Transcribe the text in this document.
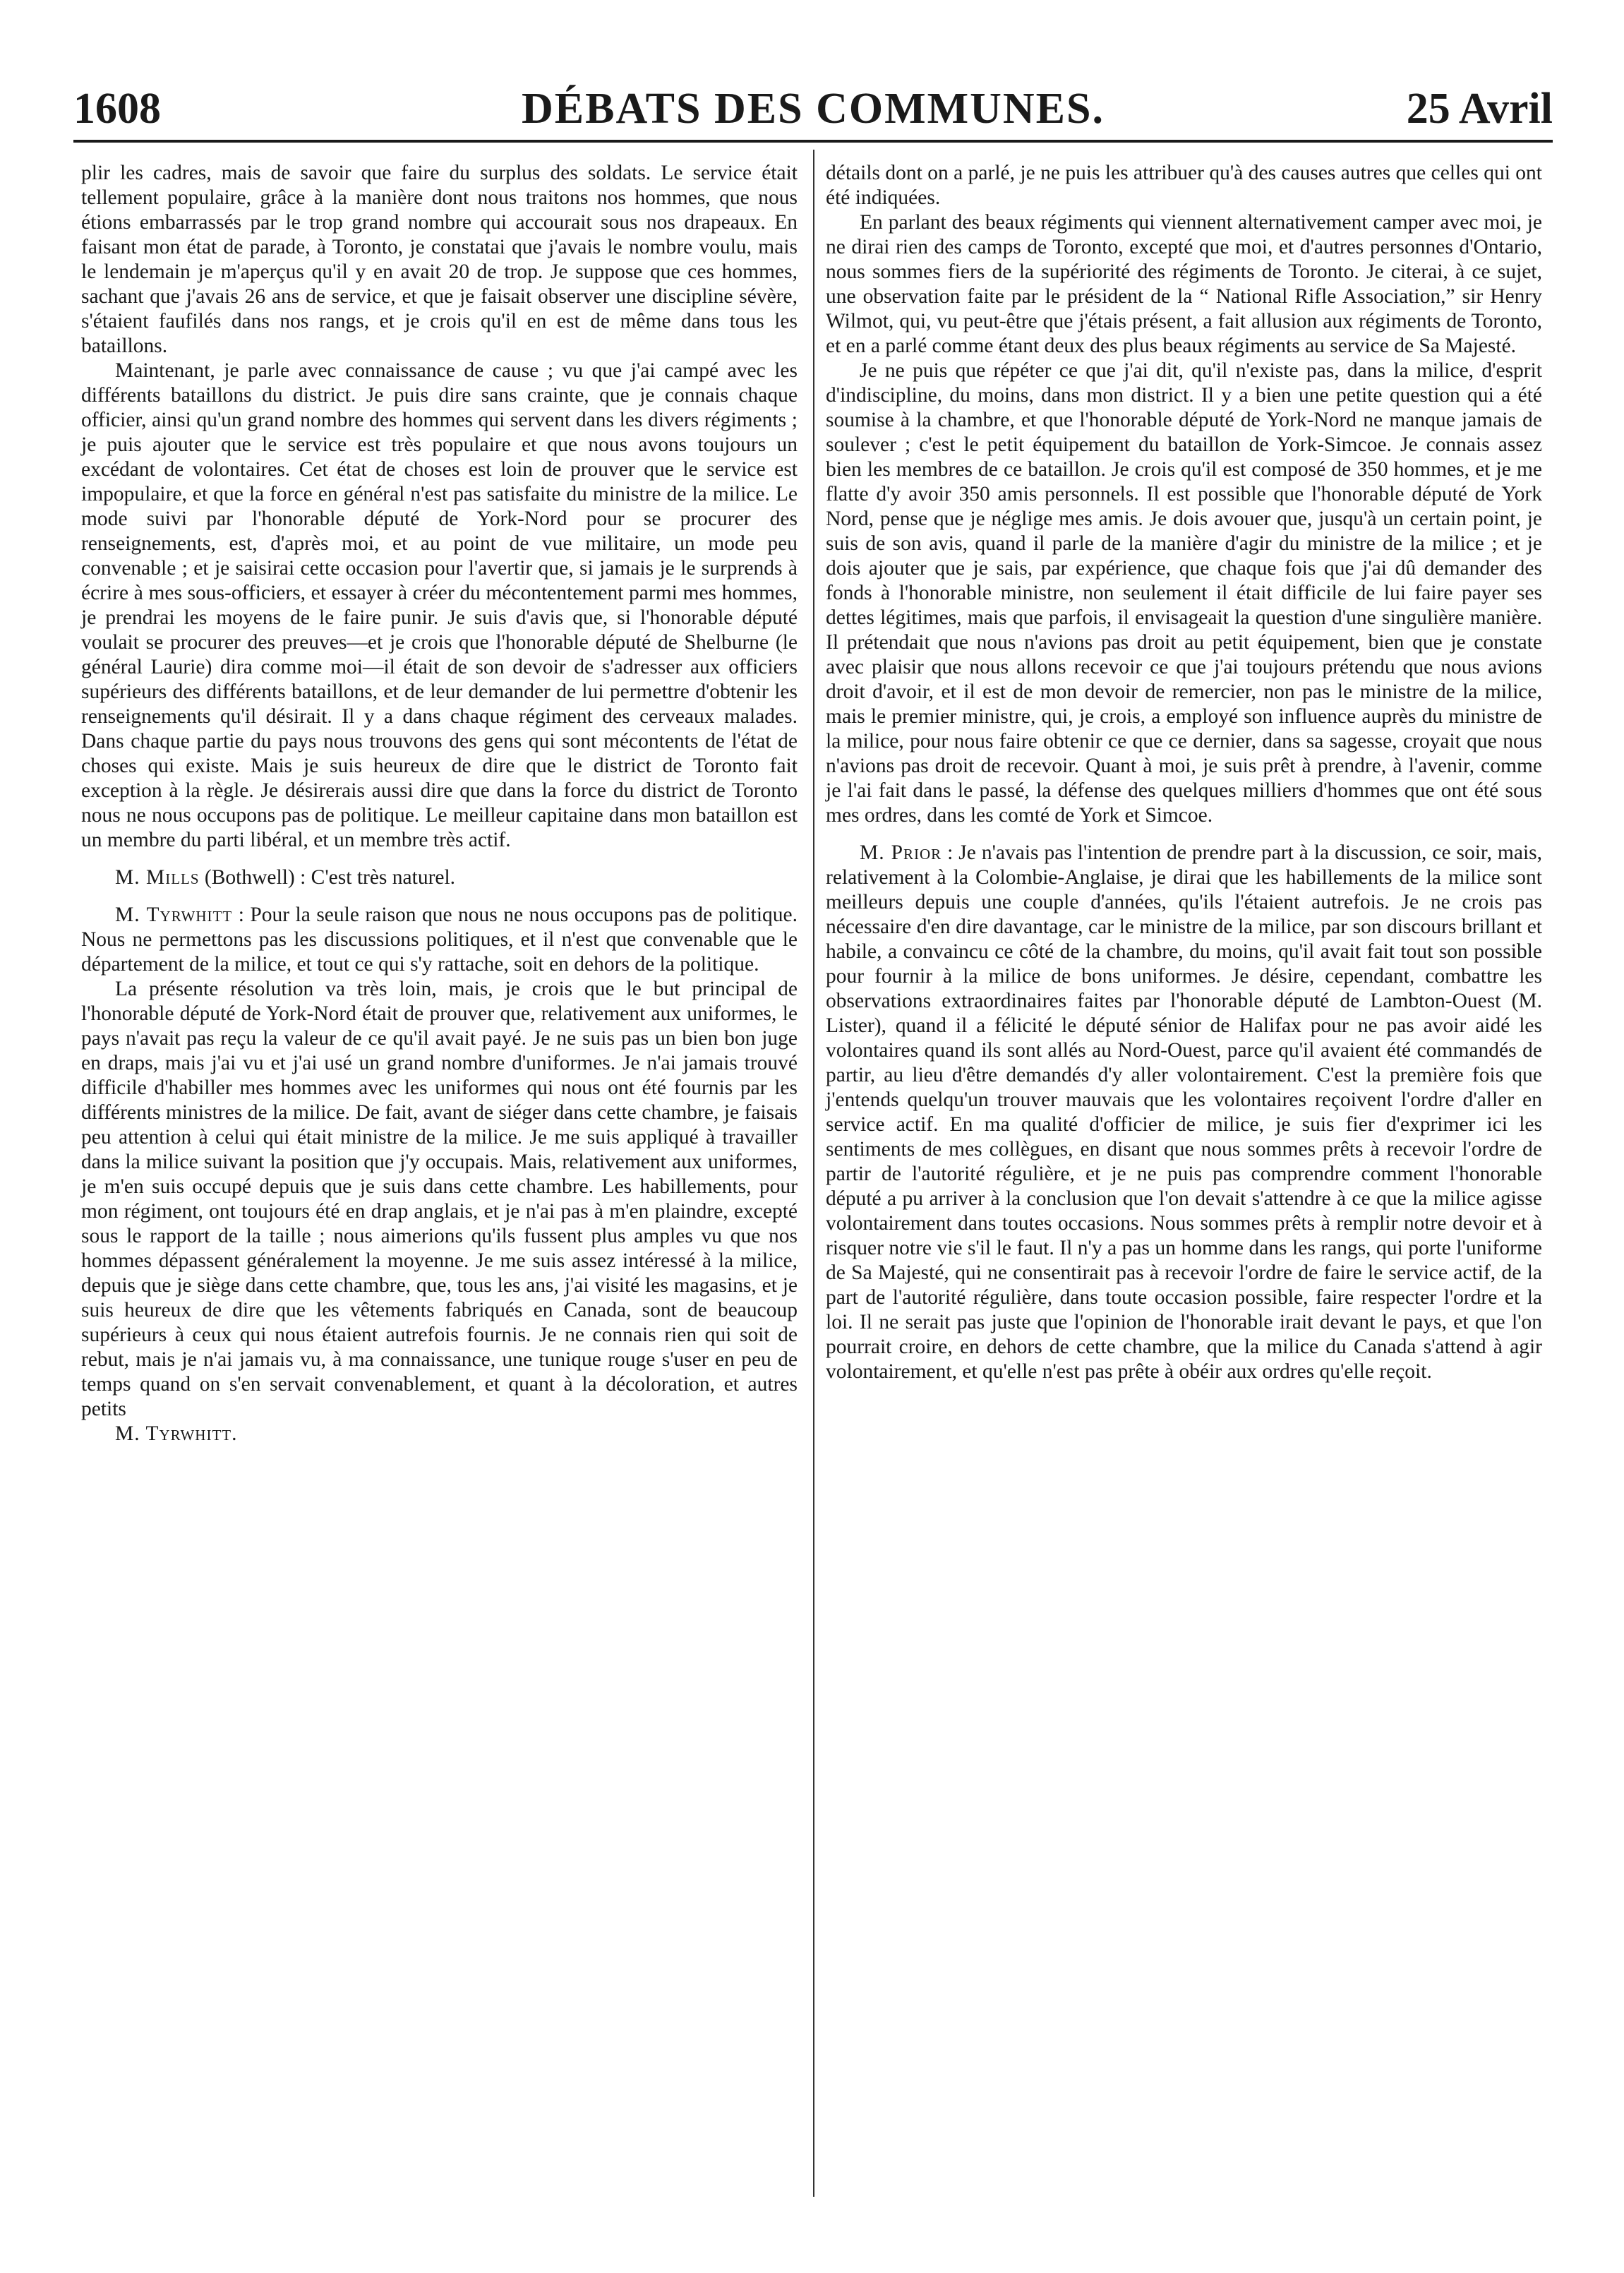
1608	DÉBATS DES COMMUNES.	25 Avril

plir les cadres, mais de savoir que faire du surplus des soldats. Le service était tellement populaire, grâce à la manière dont nous traitons nos hommes, que nous étions embarrassés par le trop grand nombre qui accourait sous nos drapeaux. En faisant mon état de parade, à Toronto, je constatai que j'avais le nombre voulu, mais le lendemain je m'aperçus qu'il y en avait 20 de trop. Je suppose que ces hommes, sachant que j'avais 26 ans de service, et que je faisait observer une discipline sévère, s'étaient faufilés dans nos rangs, et je crois qu'il en est de même dans tous les bataillons.

Maintenant, je parle avec connaissance de cause ; vu que j'ai campé avec les différents bataillons du district. Je puis dire sans crainte, que je connais chaque officier, ainsi qu'un grand nombre des hommes qui servent dans les divers régiments ; je puis ajouter que le service est très populaire et que nous avons toujours un excédant de volontaires. Cet état de choses est loin de prouver que le service est impopulaire, et que la force en général n'est pas satisfaite du ministre de la milice. Le mode suivi par l'honorable député de York-Nord pour se procurer des renseignements, est, d'après moi, et au point de vue militaire, un mode peu convenable ; et je saisirai cette occasion pour l'avertir que, si jamais je le surprends à écrire à mes sous-officiers, et essayer à créer du mécontentement parmi mes hommes, je prendrai les moyens de le faire punir. Je suis d'avis que, si l'honorable député voulait se procurer des preuves—et je crois que l'honorable député de Shelburne (le général Laurie) dira comme moi—il était de son devoir de s'adresser aux officiers supérieurs des différents bataillons, et de leur demander de lui permettre d'obtenir les renseignements qu'il désirait. Il y a dans chaque régiment des cerveaux malades. Dans chaque partie du pays nous trouvons des gens qui sont mécontents de l'état de choses qui existe. Mais je suis heureux de dire que le district de Toronto fait exception à la règle. Je désirerais aussi dire que dans la force du district de Toronto nous ne nous occupons pas de politique. Le meilleur capitaine dans mon bataillon est un membre du parti libéral, et un membre très actif.

M. Mills (Bothwell) : C'est très naturel.

M. Tyrwhitt : Pour la seule raison que nous ne nous occupons pas de politique. Nous ne permettons pas les discussions politiques, et il n'est que convenable que le département de la milice, et tout ce qui s'y rattache, soit en dehors de la politique.

La présente résolution va très loin, mais, je crois que le but principal de l'honorable député de York-Nord était de prouver que, relativement aux uniformes, le pays n'avait pas reçu la valeur de ce qu'il avait payé. Je ne suis pas un bien bon juge en draps, mais j'ai vu et j'ai usé un grand nombre d'uniformes. Je n'ai jamais trouvé difficile d'habiller mes hommes avec les uniformes qui nous ont été fournis par les différents ministres de la milice. De fait, avant de siéger dans cette chambre, je faisais peu attention à celui qui était ministre de la milice. Je me suis appliqué à travailler dans la milice suivant la position que j'y occupais. Mais, relativement aux uniformes, je m'en suis occupé depuis que je suis dans cette chambre. Les habillements, pour mon régiment, ont toujours été en drap anglais, et je n'ai pas à m'en plaindre, excepté sous le rapport de la taille ; nous aimerions qu'ils fussent plus amples vu que nos hommes dépassent généralement la moyenne. Je me suis assez intéressé à la milice, depuis que je siège dans cette chambre, que, tous les ans, j'ai visité les magasins, et je suis heureux de dire que les vêtements fabriqués en Canada, sont de beaucoup supérieurs à ceux qui nous étaient autrefois fournis. Je ne connais rien qui soit de rebut, mais je n'ai jamais vu, à ma connaissance, une tunique rouge s'user en peu de temps quand on s'en servait convenablement, et quant à la décoloration, et autres petits

M. Tyrwhitt.

détails dont on a parlé, je ne puis les attribuer qu'à des causes autres que celles qui ont été indiquées.

En parlant des beaux régiments qui viennent alternativement camper avec moi, je ne dirai rien des camps de Toronto, excepté que moi, et d'autres personnes d'Ontario, nous sommes fiers de la supériorité des régiments de Toronto. Je citerai, à ce sujet, une observation faite par le président de la “ National Rifle Association,” sir Henry Wilmot, qui, vu peut-être que j'étais présent, a fait allusion aux régiments de Toronto, et en a parlé comme étant deux des plus beaux régiments au service de Sa Majesté.

Je ne puis que répéter ce que j'ai dit, qu'il n'existe pas, dans la milice, d'esprit d'indiscipline, du moins, dans mon district. Il y a bien une petite question qui a été soumise à la chambre, et que l'honorable député de York-Nord ne manque jamais de soulever ; c'est le petit équipement du bataillon de York-Simcoe. Je connais assez bien les membres de ce bataillon. Je crois qu'il est composé de 350 hommes, et je me flatte d'y avoir 350 amis personnels. Il est possible que l'honorable député de York Nord, pense que je néglige mes amis. Je dois avouer que, jusqu'à un certain point, je suis de son avis, quand il parle de la manière d'agir du ministre de la milice ; et je dois ajouter que je sais, par expérience, que chaque fois que j'ai dû demander des fonds à l'honorable ministre, non seulement il était difficile de lui faire payer ses dettes légitimes, mais que parfois, il envisageait la question d'une singulière manière. Il prétendait que nous n'avions pas droit au petit équipement, bien que je constate avec plaisir que nous allons recevoir ce que j'ai toujours prétendu que nous avions droit d'avoir, et il est de mon devoir de remercier, non pas le ministre de la milice, mais le premier ministre, qui, je crois, a employé son influence auprès du ministre de la milice, pour nous faire obtenir ce que ce dernier, dans sa sagesse, croyait que nous n'avions pas droit de recevoir. Quant à moi, je suis prêt à prendre, à l'avenir, comme je l'ai fait dans le passé, la défense des quelques milliers d'hommes que ont été sous mes ordres, dans les comté de York et Simcoe.

M. Prior : Je n'avais pas l'intention de prendre part à la discussion, ce soir, mais, relativement à la Colombie-Anglaise, je dirai que les habillements de la milice sont meilleurs depuis une couple d'années, qu'ils l'étaient autrefois. Je ne crois pas nécessaire d'en dire davantage, car le ministre de la milice, par son discours brillant et habile, a convaincu ce côté de la chambre, du moins, qu'il avait fait tout son possible pour fournir à la milice de bons uniformes. Je désire, cependant, combattre les observations extraordinaires faites par l'honorable député de Lambton-Ouest (M. Lister), quand il a félicité le député sénior de Halifax pour ne pas avoir aidé les volontaires quand ils sont allés au Nord-Ouest, parce qu'il avaient été commandés de partir, au lieu d'être demandés d'y aller volontairement. C'est la première fois que j'entends quelqu'un trouver mauvais que les volontaires reçoivent l'ordre d'aller en service actif. En ma qualité d'officier de milice, je suis fier d'exprimer ici les sentiments de mes collègues, en disant que nous sommes prêts à recevoir l'ordre de partir de l'autorité régulière, et je ne puis pas comprendre comment l'honorable député a pu arriver à la conclusion que l'on devait s'attendre à ce que la milice agisse volontairement dans toutes occasions. Nous sommes prêts à remplir notre devoir et à risquer notre vie s'il le faut. Il n'y a pas un homme dans les rangs, qui porte l'uniforme de Sa Majesté, qui ne consentirait pas à recevoir l'ordre de faire le service actif, de la part de l'autorité régulière, dans toute occasion possible, faire respecter l'ordre et la loi. Il ne serait pas juste que l'opinion de l'honorable irait devant le pays, et que l'on pourrait croire, en dehors de cette chambre, que la milice du Canada s'attend à agir volontairement, et qu'elle n'est pas prête à obéir aux ordres qu'elle reçoit.
